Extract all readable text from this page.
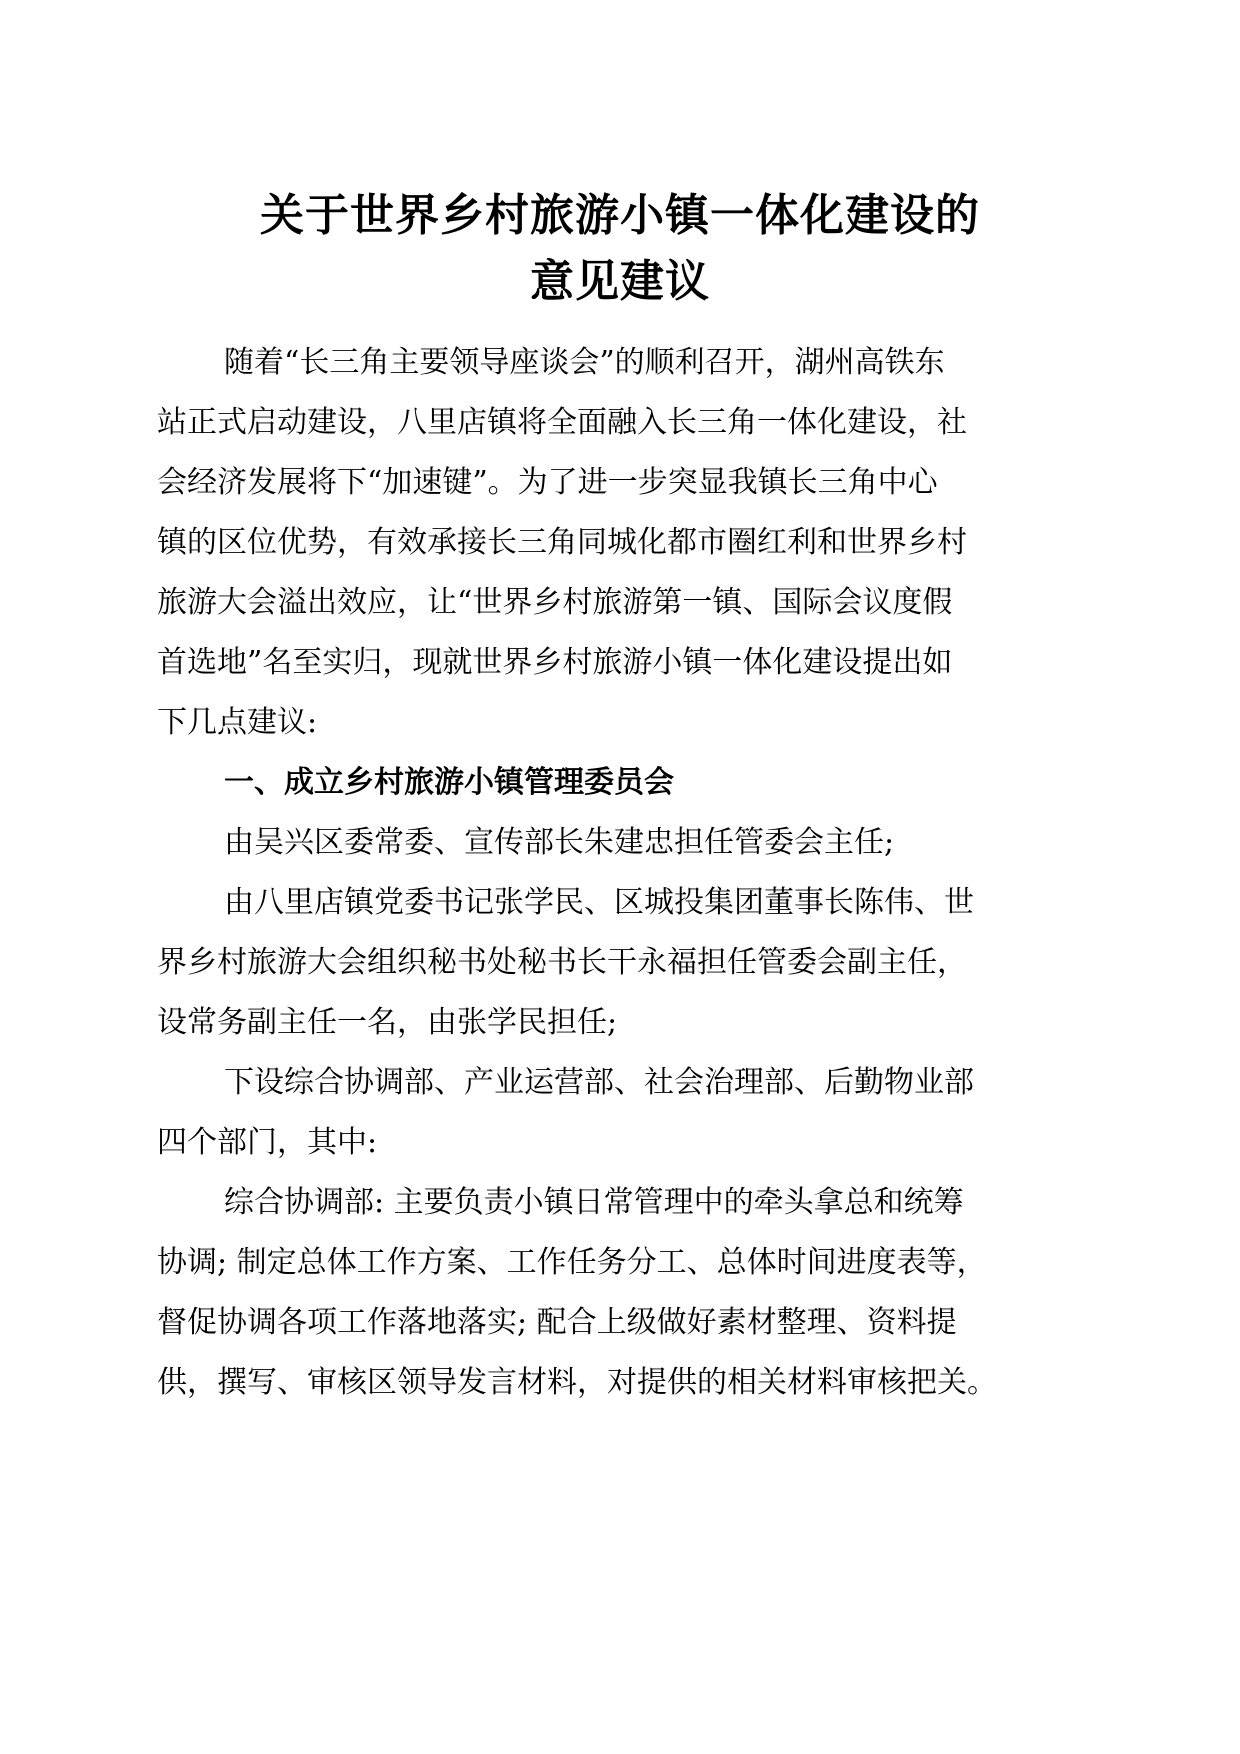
关于世界乡村旅游小镇一体化建设的
意见建议
随着“长三角主要领导座谈会”的顺利召开，湖州高铁东
站正式启动建设，八里店镇将全面融入长三角一体化建设，社
会经济发展将下“加速键”。为了进一步突显我镇长三角中心
镇的区位优势，有效承接长三角同城化都市圈红利和世界乡村
旅游大会溢出效应，让“世界乡村旅游第一镇、国际会议度假
首选地”名至实归，现就世界乡村旅游小镇一体化建设提出如
下几点建议:
一、成立乡村旅游小镇管理委员会
由吴兴区委常委、宣传部长朱建忠担任管委会主任;
由八里店镇党委书记张学民、区城投集团董事长陈伟、世
界乡村旅游大会组织秘书处秘书长干永福担任管委会副主任，
设常务副主任一名，由张学民担任;
下设综合协调部、产业运营部、社会治理部、后勤物业部
四个部门，其中:
综合协调部: 主要负责小镇日常管理中的牵头拿总和统筹
协调; 制定总体工作方案、工作任务分工、总体时间进度表等，
督促协调各项工作落地落实; 配合上级做好素材整理、资料提
供，撰写、审核区领导发言材料，对提供的相关材料审核把关。
